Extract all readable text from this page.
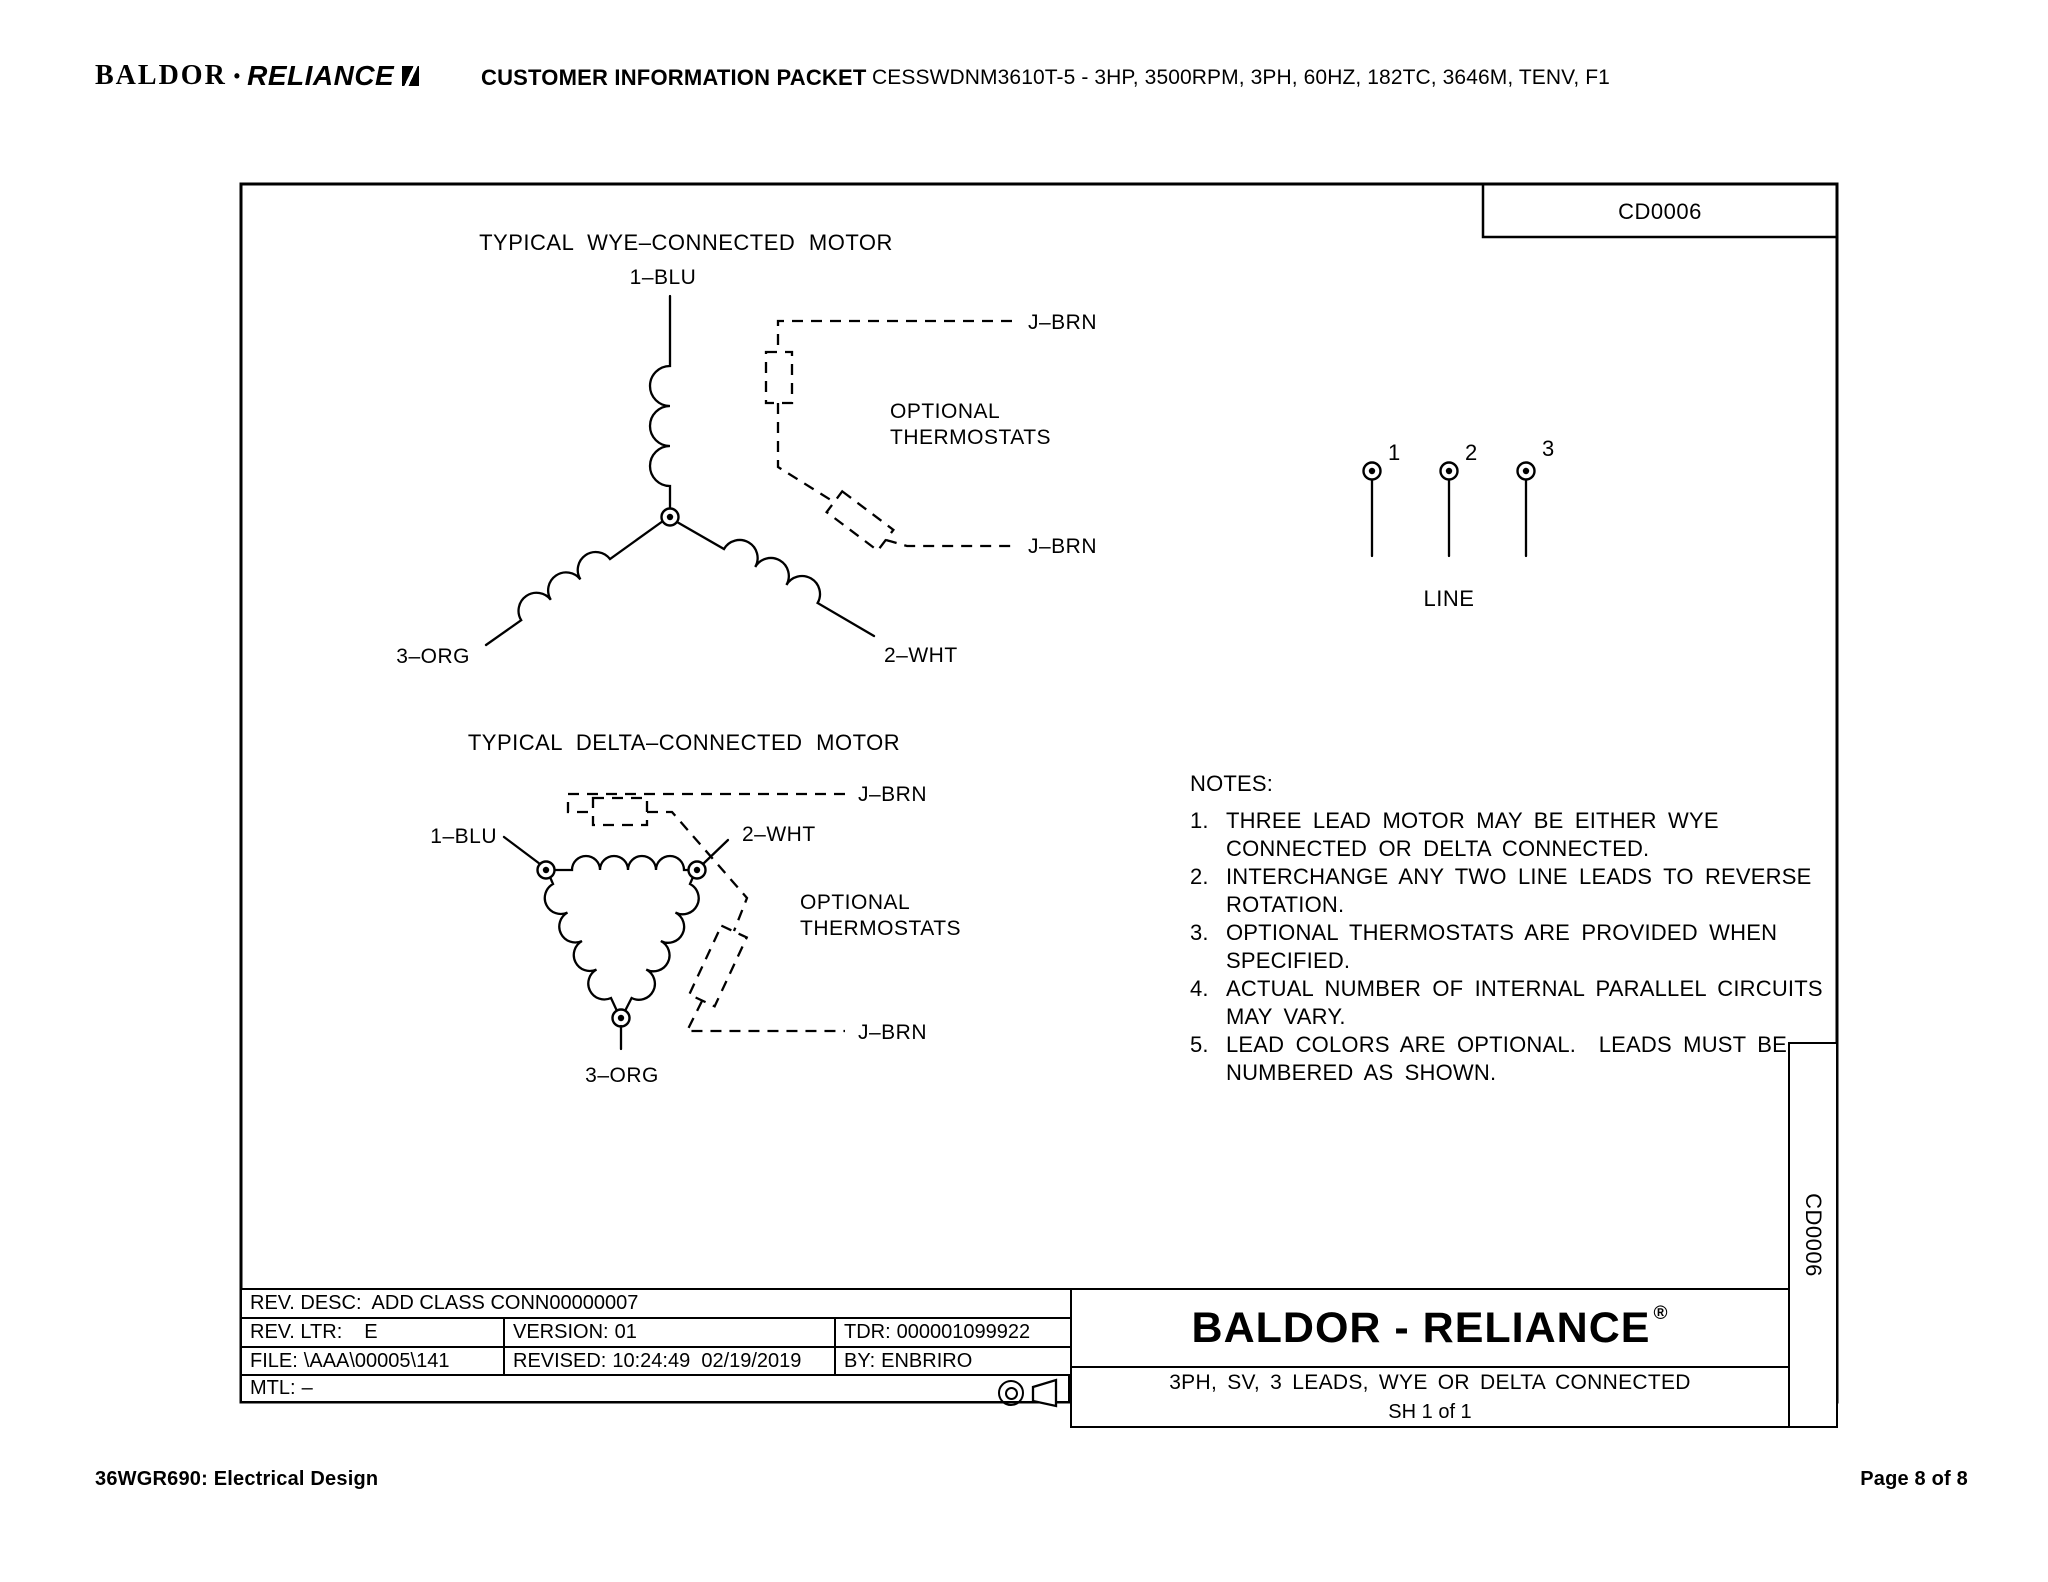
BALDOR • RELIANCE	CUSTOMER INFORMATION PACKET CESSWDNM3610T-5 - 3HP, 3500RPM, 3PH, 60HZ, 182TC, 3646M, TENV, F1
CD0006
TYPICAL WYE–CONNECTED MOTOR
1–BLU
3–ORG	2–WHT
J–BRN
J–BRN
OPTIONAL
THERMOSTATS
1	2	3
LINE
TYPICAL DELTA–CONNECTED MOTOR
1–BLU	2–WHT
3–ORG
J–BRN
J–BRN
OPTIONAL
THERMOSTATS
NOTES:
1. THREE LEAD MOTOR MAY BE EITHER WYE
CONNECTED OR DELTA CONNECTED.
2. INTERCHANGE ANY TWO LINE LEADS TO REVERSE
ROTATION.
3. OPTIONAL THERMOSTATS ARE PROVIDED WHEN
SPECIFIED.
4. ACTUAL NUMBER OF INTERNAL PARALLEL CIRCUITS
MAY VARY.
5. LEAD COLORS ARE OPTIONAL.  LEADS MUST BE
NUMBERED AS SHOWN.
REV. DESC: ADD CLASS CONN00000007
REV. LTR: E	VERSION: 01	TDR: 000001099922
FILE: \AAA\00005\141	REVISED: 10:24:49  02/19/2019 BY: ENBRIRO
MTL: –
BALDOR - RELIANCE®
3PH, SV, 3 LEADS, WYE OR DELTA CONNECTED
SH 1 of 1
CD0006
36WGR690: Electrical Design	Page 8 of 8
